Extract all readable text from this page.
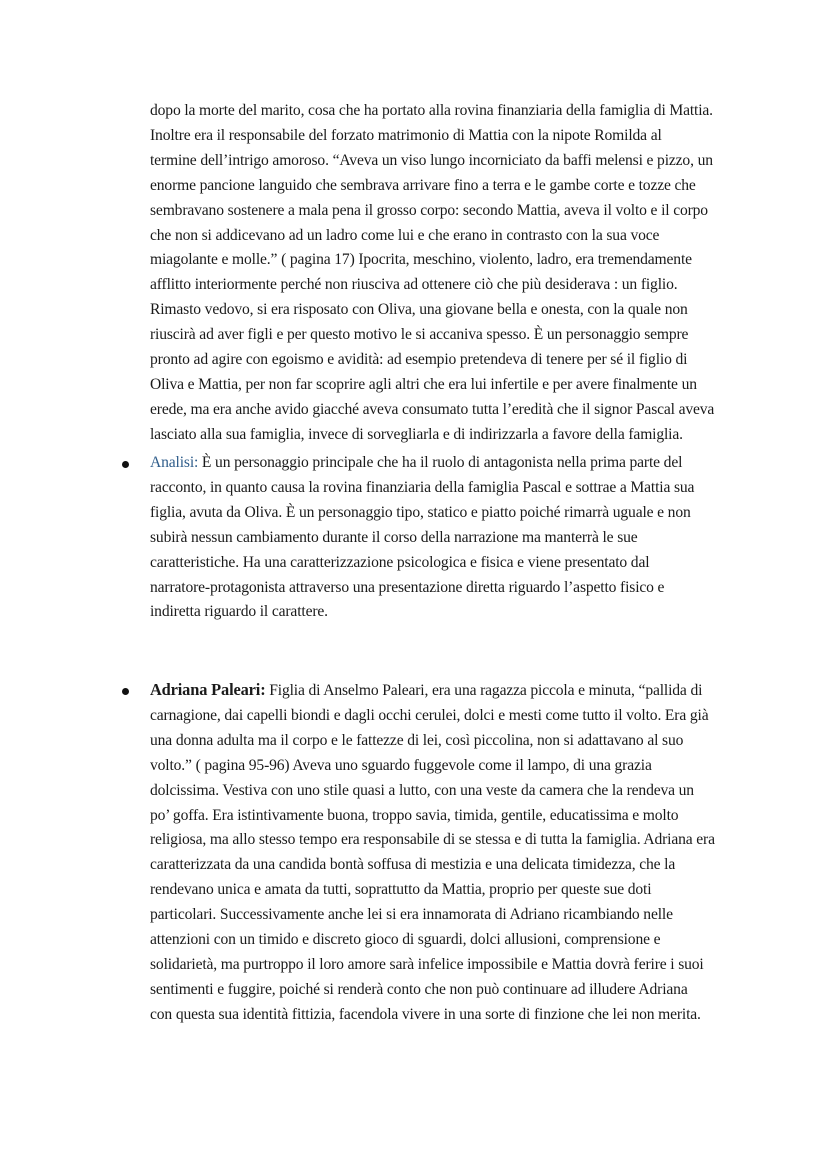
dopo la morte del marito, cosa che ha portato alla rovina finanziaria della famiglia di Mattia.
Inoltre era il responsabile del forzato matrimonio di Mattia con la nipote Romilda al
termine dell’intrigo amoroso. “Aveva un viso lungo incorniciato da baffi melensi e pizzo, un
enorme pancione languido che sembrava arrivare fino a terra e le gambe corte e tozze che
sembravano sostenere a mala pena il grosso corpo: secondo Mattia, aveva il volto e il corpo
che non si addicevano ad un ladro come lui e che erano in contrasto con la sua voce
miagolante e molle.” ( pagina 17) Ipocrita, meschino, violento, ladro, era tremendamente
afflitto interiormente perché non riusciva ad ottenere ciò che più desiderava : un figlio.
Rimasto vedovo, si era risposato con Oliva, una giovane bella e onesta, con la quale non
riuscirà ad aver figli e per questo motivo le si accaniva spesso. È un personaggio sempre
pronto ad agire con egoismo e avidità: ad esempio pretendeva di tenere per sé il figlio di
Oliva e Mattia, per non far scoprire agli altri che era lui infertile e per avere finalmente un
erede, ma era anche avido giacché aveva consumato tutta l’eredità che il signor Pascal aveva
lasciato alla sua famiglia, invece di sorvegliarla e di indirizzarla a favore della famiglia.
Analisi: È un personaggio principale che ha il ruolo di antagonista nella prima parte del
racconto, in quanto causa la rovina finanziaria della famiglia Pascal e sottrae a Mattia sua
figlia, avuta da Oliva. È un personaggio tipo, statico e piatto poiché rimarrà uguale e non
subirà nessun cambiamento durante il corso della narrazione ma manterrà le sue
caratteristiche. Ha una caratterizzazione psicologica e fisica e viene presentato dal
narratore-protagonista attraverso una presentazione diretta riguardo l’aspetto fisico e
indiretta riguardo il carattere.
Adriana Paleari: Figlia di Anselmo Paleari, era una ragazza piccola e minuta, “pallida di
carnagione, dai capelli biondi e dagli occhi cerulei, dolci e mesti come tutto il volto. Era già
una donna adulta ma il corpo e le fattezze di lei, così piccolina, non si adattavano al suo
volto.” ( pagina 95-96) Aveva uno sguardo fuggevole come il lampo, di una grazia
dolcissima. Vestiva con uno stile quasi a lutto, con una veste da camera che la rendeva un
po’ goffa. Era istintivamente buona, troppo savia, timida, gentile, educatissima e molto
religiosa, ma allo stesso tempo era responsabile di se stessa e di tutta la famiglia. Adriana era
caratterizzata da una candida bontà soffusa di mestizia e una delicata timidezza, che la
rendevano unica e amata da tutti, soprattutto da Mattia, proprio per queste sue doti
particolari. Successivamente anche lei si era innamorata di Adriano ricambiando nelle
attenzioni con un timido e discreto gioco di sguardi, dolci allusioni, comprensione e
solidarietà, ma purtroppo il loro amore sarà infelice impossibile e Mattia dovrà ferire i suoi
sentimenti e fuggire, poiché si renderà conto che non può continuare ad illudere Adriana
con questa sua identità fittizia, facendola vivere in una sorte di finzione che lei non merita.
